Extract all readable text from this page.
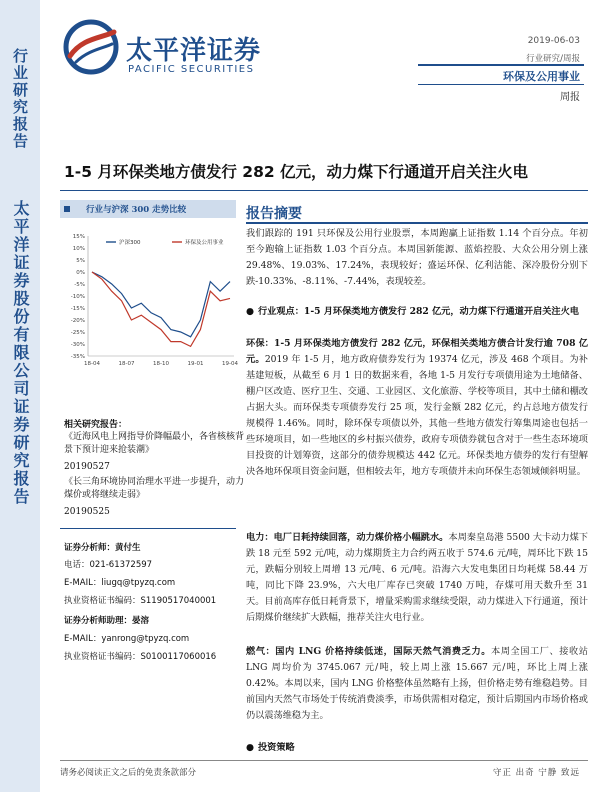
行业研究报告
太平洋证券股份有限公司证券研究报告
太平洋证券
PACIFIC SECURITIES
2019-06-03
行业研究/周报
环保及公用事业
周报
1-5 月环保类地方债发行 282 亿元，动力煤下行通道开启关注火电
行业与沪深 300 走势比较
15%
10%
5%
0%
-5%
-10%
-15%
-20%
-25%
-30%
-35%
18-04	18-07	18-10	19-01	19-04
沪深300	环保及公用事业
相关研究报告：
《近海风电上网指导价降幅最小，各省核核背景下预计迎来抢装潮》
20190527
《长三角环境协同治理水平进一步提升，动力煤价或将继续走弱》
20190525
证券分析师：黄付生
电话：021-61372597
E-MAIL：liugq@tpyzq.com
执业资格证书编码：S1190517040001
证券分析师助理：晏溶
E-MAIL：yanrong@tpyzq.com
执业资格证书编码：S0100117060016
报告摘要
我们跟踪的 191 只环保及公用行业股票，本周跑赢上证指数 1.14 个百分点。年初至今跑输上证指数 1.03 个百分点。本周国新能源、蓝焰控股、大众公用分别上涨 29.48%、19.03%、17.24%，表现较好；盛运环保、亿利洁能、深冷股份分别下跌-10.33%、-8.11%、-7.44%，表现较差。
● 行业观点：1-5 月环保类地方债发行 282 亿元，动力煤下行通道开启关注火电
环保：1-5 月环保类地方债发行 282 亿元，环保相关类地方债合计发行逾 708 亿元。2019 年 1-5 月，地方政府债券发行为 19374 亿元，涉及 468 个项目。为补基建短板，从截至 6 月 1 日的数据来看，各地 1-5 月发行专项债用途为土地储备、棚户区改造、医疗卫生、交通、工业园区、文化旅游、学校等项目，其中土储和棚改占据大头。而环保类专项债券发行 25 项，发行金额 282 亿元，约占总地方债发行规模得 1.46%。同时，除环保专项债以外，其他一些地方债发行筹集周途也包括一些环境项目，如一些地区的乡村振兴债券，政府专项债券就包含对于一些生态环境项目投资的计划筹资，这部分的债券规模达 442 亿元。环保类地方债券的发行有望解决各地环保项目资金问题，但相较去年，地方专项债并未向环保生态领域倾斜明显。
电力：电厂日耗持续回落，动力煤价格小幅跳水。本周秦皇岛港 5500 大卡动力煤下跌 18 元至 592 元/吨，动力煤期货主力合约两五收于 574.6 元/吨，周环比下跌 15 元，跌幅分别较上周增 13 元/吨、6 元/吨。沿海六大发电集团日均耗煤 58.44 万吨，同比下降 23.9%，六大电厂库存已突破 1740 万吨，存煤可用天数升至 31 天。目前高库存低日耗背景下，增量采购需求继续受限，动力煤进入下行通道，预计后期煤价继续扩大跌幅，推荐关注火电行业。
燃气：国内 LNG 价格持续低迷，国际天然气消费乏力。本周全国工厂、接收站 LNG 周均价为 3745.067 元/吨，较上周上涨 15.667 元/吨，环比上周上涨 0.42%。本周以来，国内 LNG 价格整体虽然略有上扬，但价格走势有维稳趋势。目前国内天然气市场处于传统消费淡季，市场供需相对稳定，预计后期国内市场价格或仍以震荡维稳为主。
● 投资策略
请务必阅读正文之后的免责条款部分	守正 出奇 宁静 致远
